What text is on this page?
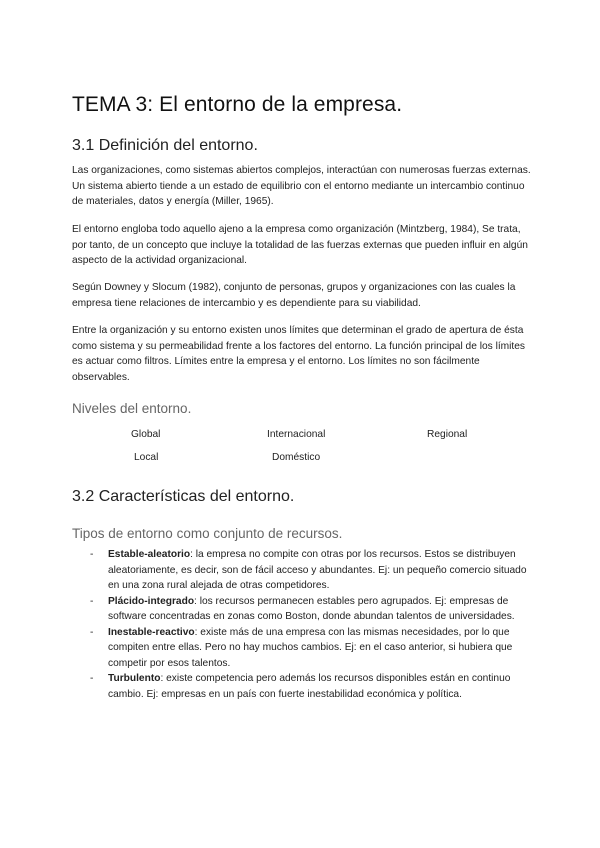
TEMA 3: El entorno de la empresa.
3.1 Definición del entorno.

Las organizaciones, como sistemas abiertos complejos, interactúan con numerosas fuerzas externas. Un sistema abierto tiende a un estado de equilibrio con el entorno mediante un intercambio continuo de materiales, datos y energía (Miller, 1965).

El entorno engloba todo aquello ajeno a la empresa como organización (Mintzberg, 1984), Se trata, por tanto, de un concepto que incluye la totalidad de las fuerzas externas que pueden influir en algún aspecto de la actividad organizacional.

Según Downey y Slocum (1982), conjunto de personas, grupos y organizaciones con las cuales la empresa tiene relaciones de intercambio y es dependiente para su viabilidad.

Entre la organización y su entorno existen unos límites que determinan el grado de apertura de ésta como sistema y su permeabilidad frente a los factores del entorno. La función principal de los límites es actuar como filtros. Límites entre la empresa y el entorno. Los límites no son fácilmente observables.

Niveles del entorno.
Global	Internacional	Regional
Local	Doméstico
3.2 Características del entorno.
Tipos de entorno como conjunto de recursos.
- Estable-aleatorio: la empresa no compite con otras por los recursos. Estos se distribuyen aleatoriamente, es decir, son de fácil acceso y abundantes. Ej: un pequeño comercio situado en una zona rural alejada de otras competidores.
- Plácido-integrado: los recursos permanecen estables pero agrupados. Ej: empresas de software concentradas en zonas como Boston, donde abundan talentos de universidades.
- Inestable-reactivo: existe más de una empresa con las mismas necesidades, por lo que compiten entre ellas. Pero no hay muchos cambios. Ej: en el caso anterior, si hubiera que competir por esos talentos.
- Turbulento: existe competencia pero además los recursos disponibles están en continuo cambio. Ej: empresas en un país con fuerte inestabilidad económica y política.
